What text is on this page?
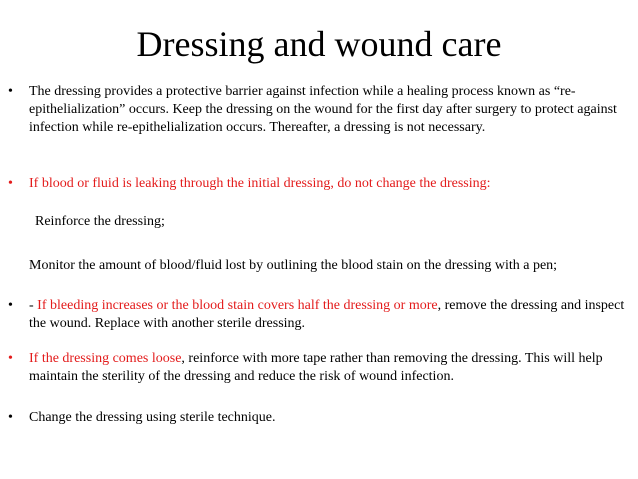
Dressing and wound care
•	The dressing provides a protective barrier against infection while a healing process known as “re-epithelialization” occurs. Keep the dressing on the wound for the first day after surgery to protect against infection while re-epithelialization occurs. Thereafter, a dressing is not necessary.
•	If blood or fluid is leaking through the initial dressing, do not change the dressing:
Reinforce the dressing;
Monitor the amount of blood/fluid lost by outlining the blood stain on the dressing with a pen;
•	- If bleeding increases or the blood stain covers half the dressing or more, remove the dressing and inspect the wound. Replace with another sterile dressing.
•	If the dressing comes loose, reinforce with more tape rather than removing the dressing. This will help maintain the sterility of the dressing and reduce the risk of wound infection.
•	Change the dressing using sterile technique.
